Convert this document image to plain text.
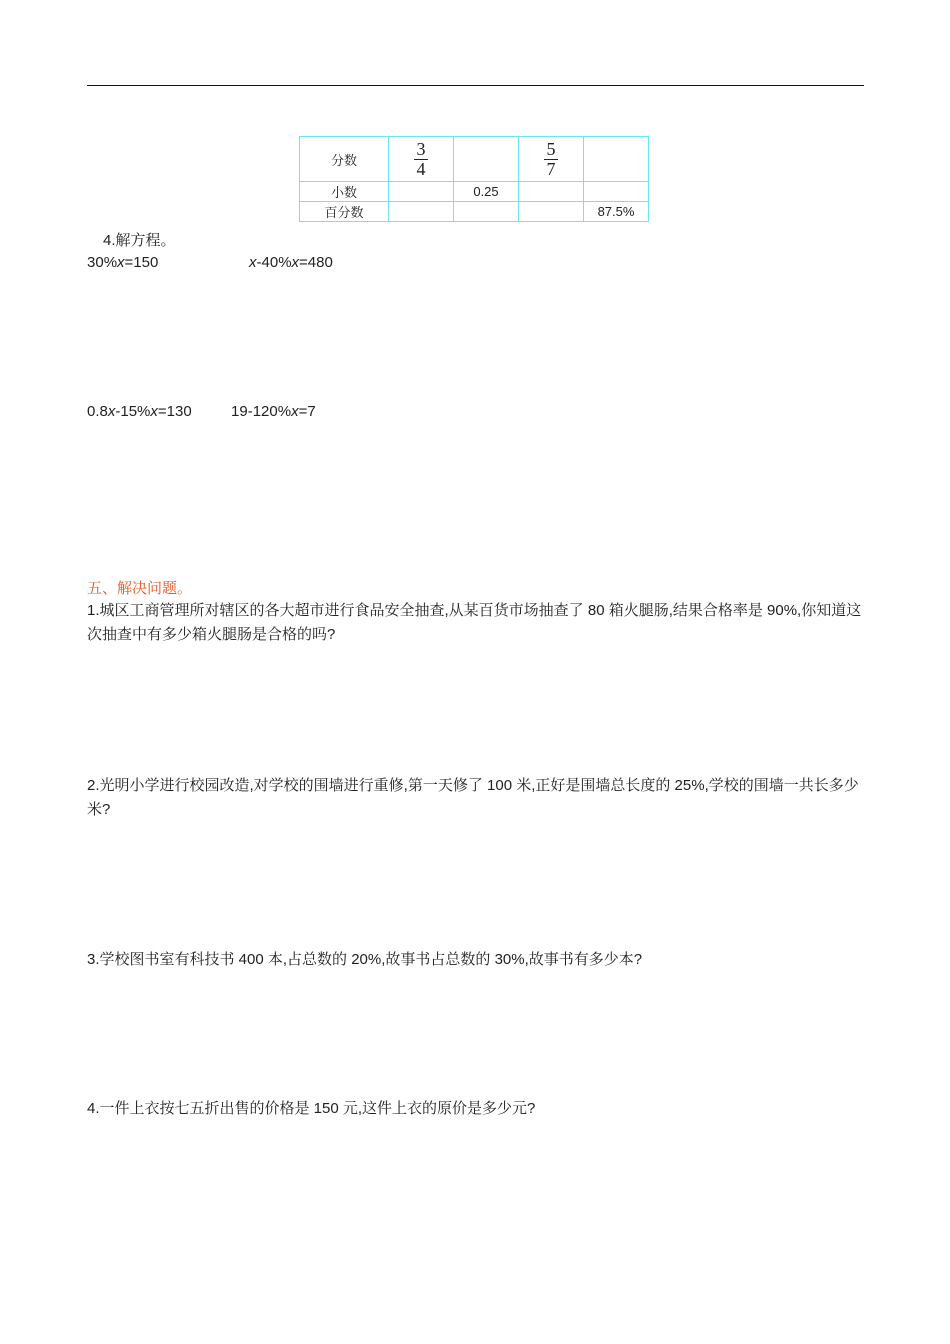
分数	$\frac{3}{4}$		$\frac{5}{7}$

小数		0.25		
百分数				87.5%
4.解方程。
30%x=150	x-40%x=480
0.8x-15%x=130	19-120%x=7
五、解决问题。
1.城区工商管理所对辖区的各大超市进行食品安全抽查,从某百货市场抽查了 80 箱火腿肠,结果合格率是 90%,你知道这次抽查中有多少箱火腿肠是合格的吗?
2.光明小学进行校园改造,对学校的围墙进行重修,第一天修了 100 米,正好是围墙总长度的 25%,学校的围墙一共长多少米?
3.学校图书室有科技书 400 本,占总数的 20%,故事书占总数的 30%,故事书有多少本?
4.一件上衣按七五折出售的价格是 150 元,这件上衣的原价是多少元?
